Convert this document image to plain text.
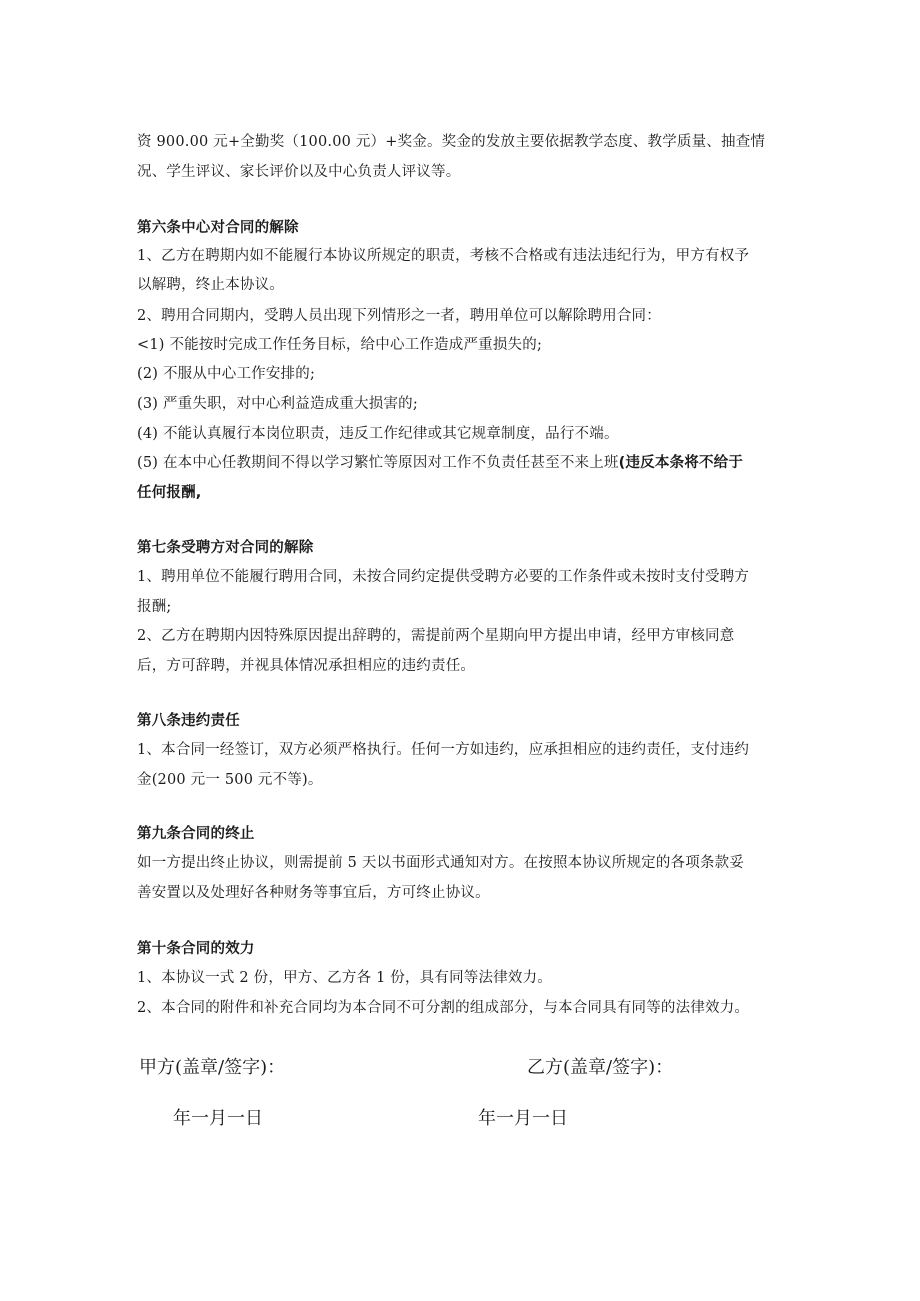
资 900.00 元+全勤奖（100.00 元）+奖金。奖金的发放主要依据教学态度、教学质量、抽查情
况、学生评议、家长评价以及中心负责人评议等。
第六条中心对合同的解除
1、乙方在聘期内如不能履行本协议所规定的职责，考核不合格或有违法违纪行为，甲方有权予
以解聘，终止本协议。
2、聘用合同期内，受聘人员出现下列情形之一者，聘用单位可以解除聘用合同：
<1) 不能按时完成工作任务目标，给中心工作造成严重损失的;
(2) 不服从中心工作安排的;
(3) 严重失职，对中心利益造成重大损害的;
(4) 不能认真履行本岗位职责，违反工作纪律或其它规章制度，品行不端。
(5) 在本中心任教期间不得以学习繁忙等原因对工作不负责任甚至不来上班(违反本条将不给于
任何报酬,
第七条受聘方对合同的解除
1、聘用单位不能履行聘用合同，未按合同约定提供受聘方必要的工作条件或未按时支付受聘方
报酬;
2、乙方在聘期内因特殊原因提出辞聘的，需提前两个星期向甲方提出申请，经甲方审核同意
后，方可辞聘，并视具体情况承担相应的违约责任。
第八条违约责任
1、本合同一经签订，双方必须严格执行。任何一方如违约，应承担相应的违约责任，支付违约
金(200 元一 500 元不等)。
第九条合同的终止
如一方提出终止协议，则需提前 5 天以书面形式通知对方。在按照本协议所规定的各项条款妥
善安置以及处理好各种财务等事宜后，方可终止协议。
第十条合同的效力
1、本协议一式 2 份，甲方、乙方各 1 份，具有同等法律效力。
2、本合同的附件和补充合同均为本合同不可分割的组成部分，与本合同具有同等的法律效力。
甲方(盖章/签字)：	乙方(盖章/签字)：
年一月一日	年一月一日
